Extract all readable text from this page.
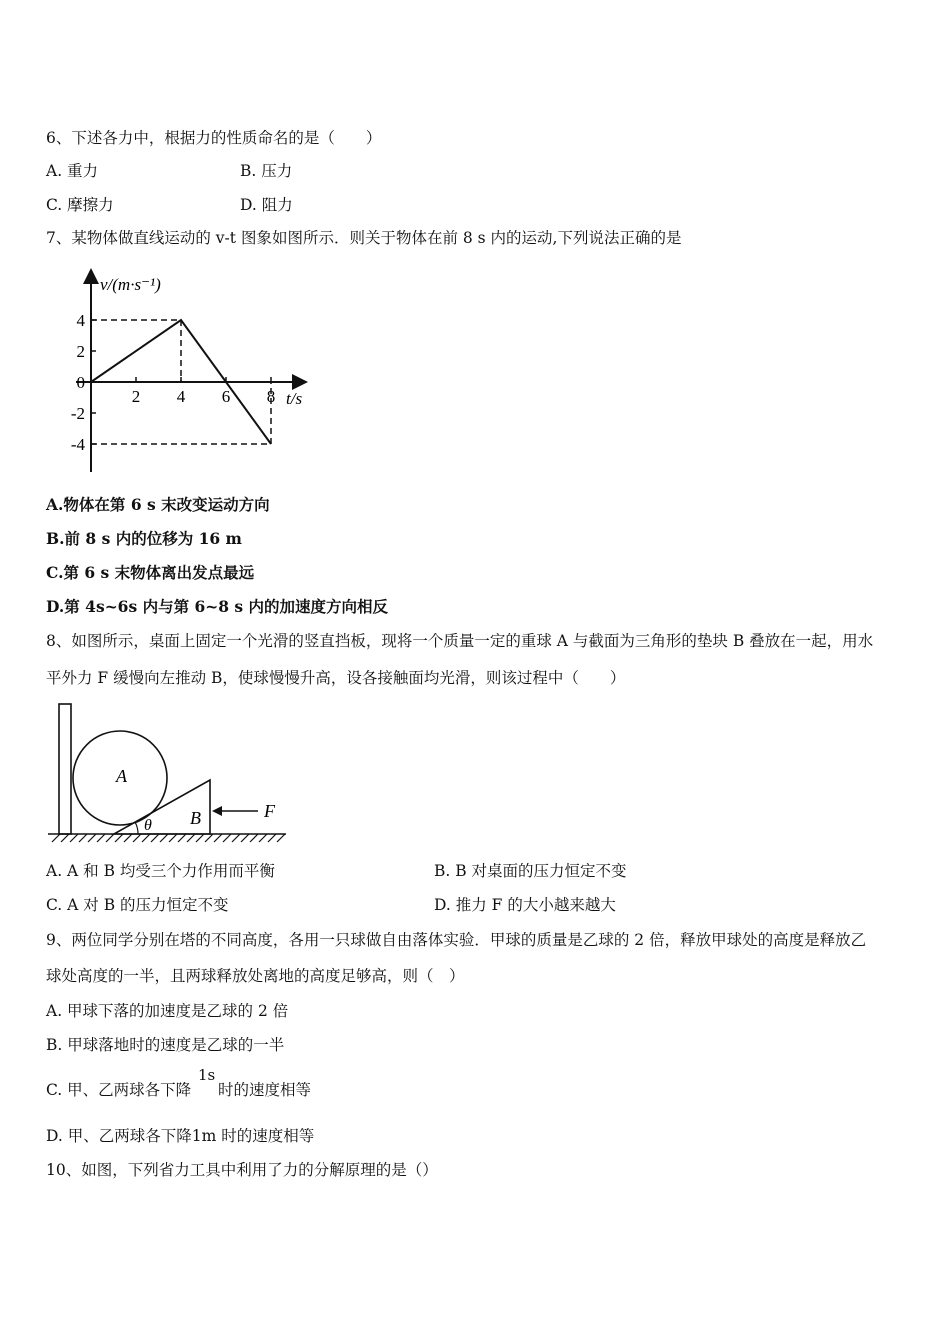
6、下述各力中，根据力的性质命名的是（　　）
A. 重力	B. 压力
C. 摩擦力	D. 阻力
7、某物体做直线运动的 v-t 图象如图所示．则关于物体在前 8 s 内的运动,下列说法正确的是
4
2
0
-2
-4
2 4 6 8
v/(m·s⁻¹)
t/s
A.物体在第 6 s 末改变运动方向
B.前 8 s 内的位移为 16 m
C.第 6 s 末物体离出发点最远
D.第 4s~6s 内与第 6~8 s 内的加速度方向相反
8、如图所示，桌面上固定一个光滑的竖直挡板，现将一个质量一定的重球 A 与截面为三角形的垫块 B 叠放在一起，用水
平外力 F 缓慢向左推动 B，使球慢慢升高，设各接触面均光滑，则该过程中（　　）
A
B	F
θ
A. A 和 B 均受三个力作用而平衡	B. B 对桌面的压力恒定不变
C. A 对 B 的压力恒定不变	D. 推力 F 的大小越来越大
9、两位同学分别在塔的不同高度，各用一只球做自由落体实验．甲球的质量是乙球的 2 倍，释放甲球处的高度是释放乙
球处高度的一半，且两球释放处离地的高度足够高，则（　）
A. 甲球下落的加速度是乙球的 2 倍
B. 甲球落地时的速度是乙球的一半
C. 甲、乙两球各下降
1s
时的速度相等
D. 甲、乙两球各下降1m 时的速度相等
10、如图，下列省力工具中利用了力的分解原理的是（）
